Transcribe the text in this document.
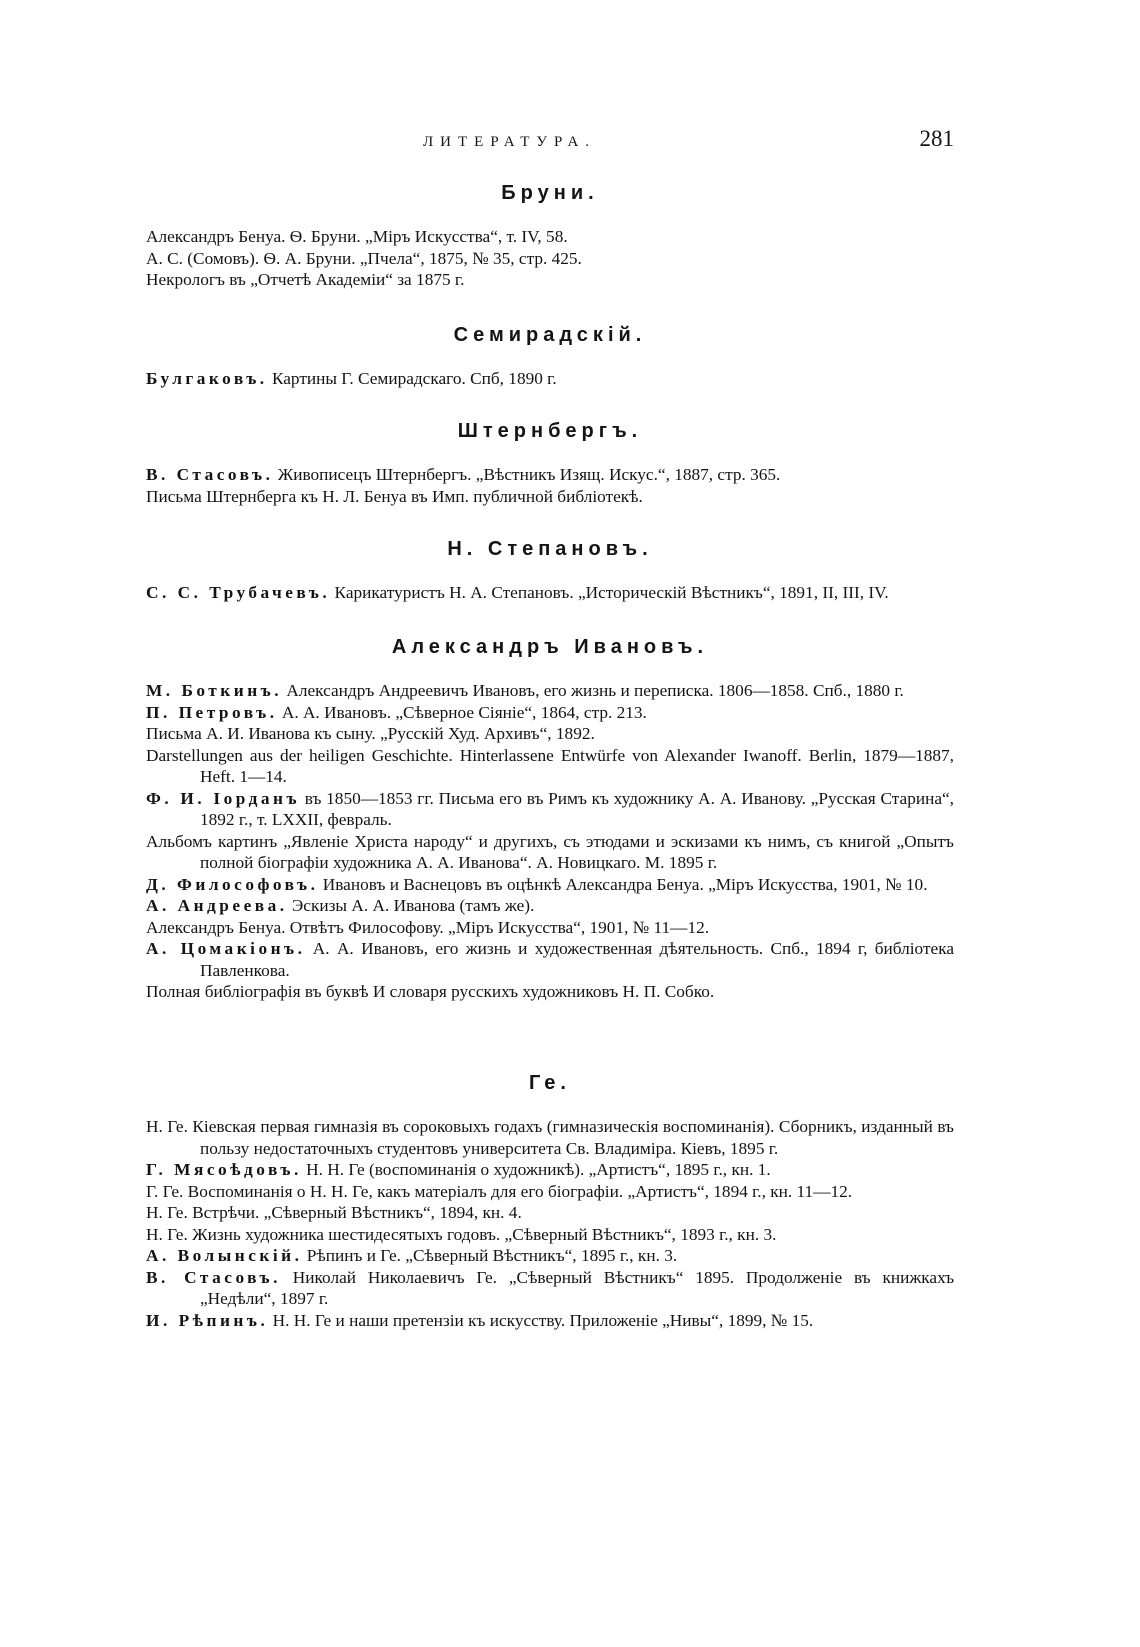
ЛИТЕРАТУРА.	281
Бруни.

Александръ Бенуа. Ѳ. Бруни. „Міръ Искусства“, т. IV, 58.

А. С. (Сомовъ). Ѳ. А. Бруни. „Пчела“, 1875, № 35, стр. 425.

Некрологъ въ „Отчетѣ Академіи“ за 1875 г.

Семирадскій.

Булгаковъ. Картины Г. Семирадскаго. Спб, 1890 г.

Штернбергъ.

В. Стасовъ. Живописецъ Штернбергъ. „Вѣстникъ Изящ. Искус.“, 1887, стр. 365.

Письма Штернберга къ Н. Л. Бенуа въ Имп. публичной библіотекѣ.

Н. Степановъ.

С. С. Трубачевъ. Карикатуристъ Н. А. Степановъ. „Историческій Вѣстникъ“, 1891, II, III, IV.

Александръ Ивановъ.

М. Боткинъ. Александръ Андреевичъ Ивановъ, его жизнь и переписка. 1806—1858. Спб., 1880 г.

П. Петровъ. А. А. Ивановъ. „Сѣверное Сіяніе“, 1864, стр. 213.

Письма А. И. Иванова къ сыну. „Русскій Худ. Архивъ“, 1892.

Darstellungen aus der heiligen Geschichte. Hinterlassene Entwürfe von Alexander Iwanoff. Berlin, 1879—1887, Heft. 1—14.

Ф. И. Іорданъ въ 1850—1853 гг. Письма его въ Римъ къ художнику А. А. Иванову. „Русская Старина“, 1892 г., т. LXXII, февраль.

Альбомъ картинъ „Явленіе Христа народу“ и другихъ, съ этюдами и эскизами къ нимъ, съ книгой „Опытъ полной біографіи художника А. А. Иванова“. А. Новицкаго. М. 1895 г.

Д. Философовъ. Ивановъ и Васнецовъ въ оцѣнкѣ Александра Бенуа. „Міръ Искусства, 1901, № 10.

А. Андреева. Эскизы А. А. Иванова (тамъ же).

Александръ Бенуа. Отвѣтъ Философову. „Міръ Искусства“, 1901, № 11—12.

А. Цомакіонъ. А. А. Ивановъ, его жизнь и художественная дѣятельность. Спб., 1894 г, библіотека Павленкова.

Полная библіографія въ буквѣ И словаря русскихъ художниковъ Н. П. Собко.

Ге.

Н. Ге. Кіевская первая гимназія въ сороковыхъ годахъ (гимназическія воспоминанія). Сборникъ, изданный въ пользу недостаточныхъ студентовъ университета Св. Владиміра. Кіевъ, 1895 г.

Г. Мясоѣдовъ. Н. Н. Ге (воспоминанія о художникѣ). „Артистъ“, 1895 г., кн. 1.

Г. Ге. Воспоминанія о Н. Н. Ге, какъ матеріалъ для его біографіи. „Артистъ“, 1894 г., кн. 11—12.

Н. Ге. Встрѣчи. „Сѣверный Вѣстникъ“, 1894, кн. 4.

Н. Ге. Жизнь художника шестидесятыхъ годовъ. „Сѣверный Вѣстникъ“, 1893 г., кн. 3.

А. Волынскій. Рѣпинъ и Ге. „Сѣверный Вѣстникъ“, 1895 г., кн. 3.

В. Стасовъ. Николай Николаевичъ Ге. „Сѣверный Вѣстникъ“ 1895. Продолженіе въ книжкахъ „Недѣли“, 1897 г.

И. Рѣпинъ. Н. Н. Ге и наши претензіи къ искусству. Приложеніе „Нивы“, 1899, № 15.
